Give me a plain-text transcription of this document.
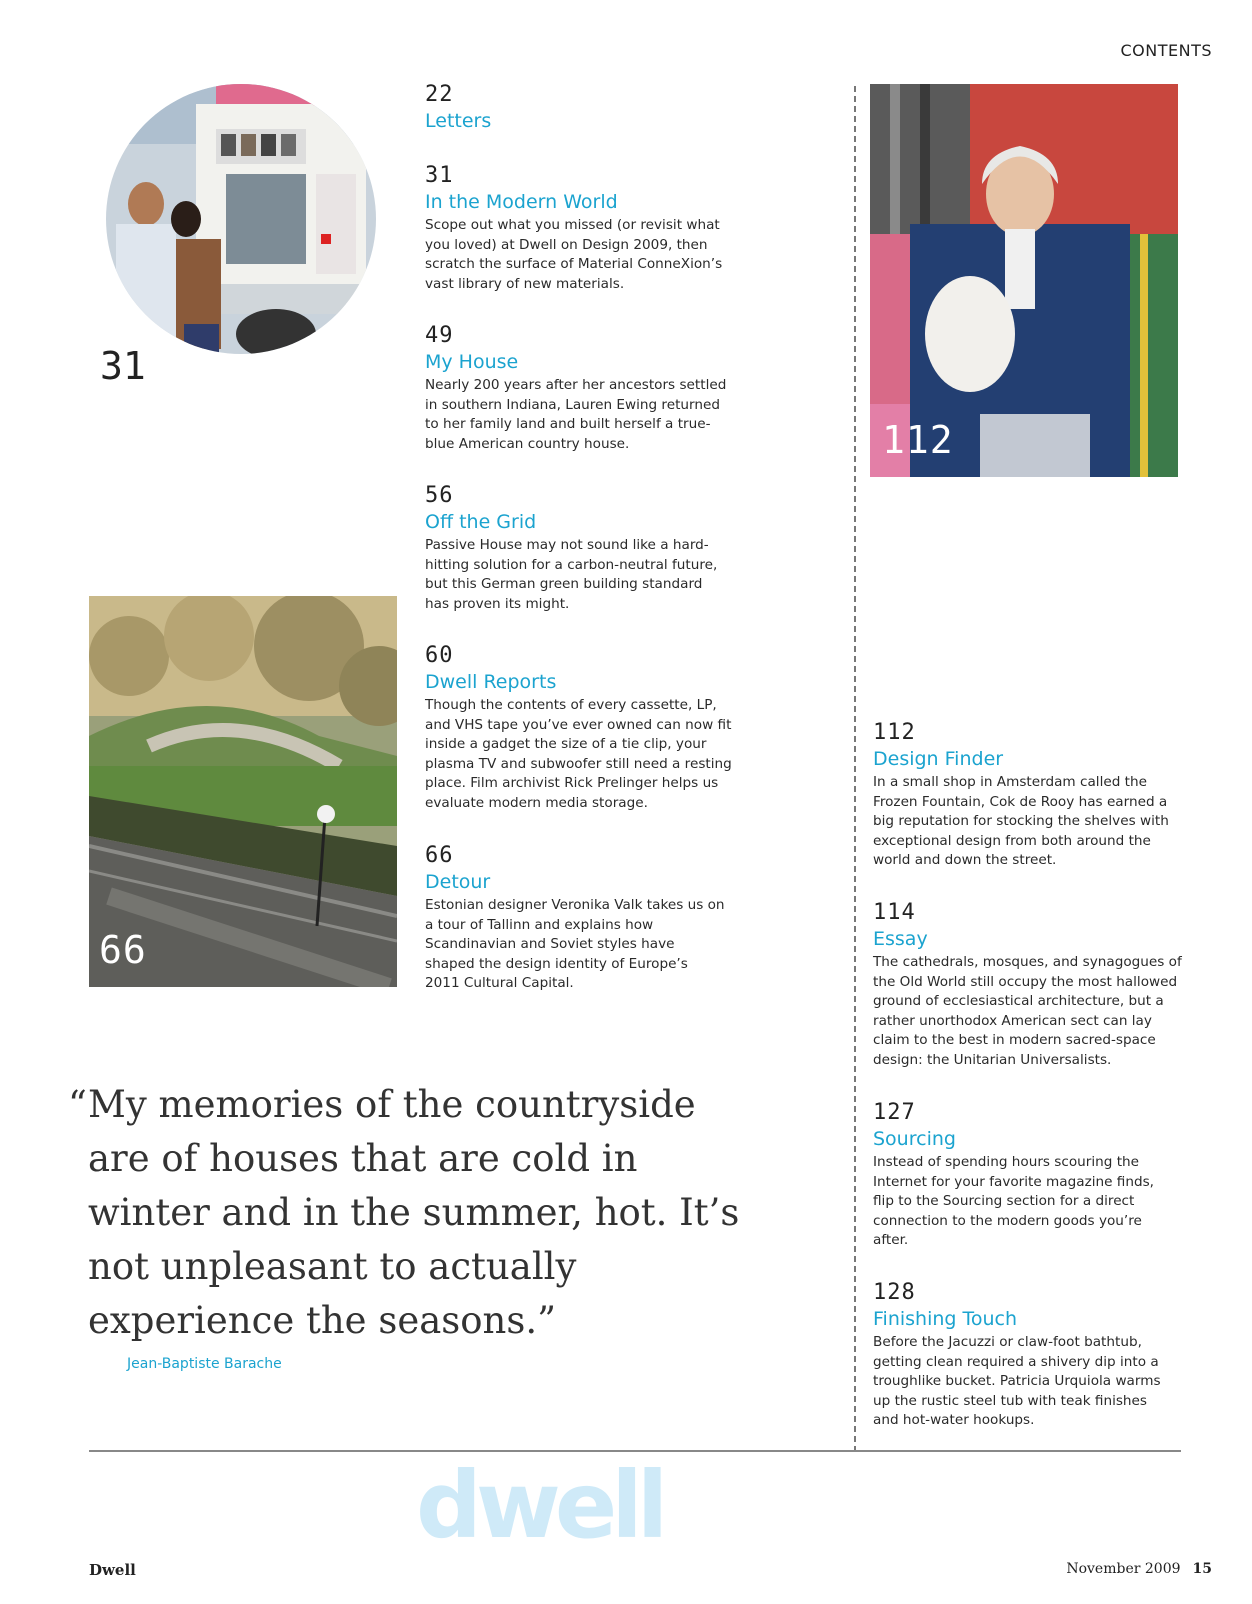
CONTENTS
31
66
112
22
Letters
31
In the Modern World
Scope out what you missed (or revisit what you loved) at Dwell on Design 2009, then scratch the surface of Material ConneXion’s vast library of new materials.
49
My House
Nearly 200 years after her ancestors settled in southern Indiana, Lauren Ewing returned to her family land and built herself a true-blue American country house.
56
Off the Grid
Passive House may not sound like a hard-hitting solution for a carbon-neutral future, but this German green building standard has proven its might.
60
Dwell Reports
Though the contents of every cassette, LP, and VHS tape you’ve ever owned can now fit inside a gadget the size of a tie clip, your plasma TV and subwoofer still need a resting place. Film archivist Rick Prelinger helps us evaluate modern media storage.
66
Detour
Estonian designer Veronika Valk takes us on a tour of Tallinn and explains how Scandinavian and Soviet styles have shaped the design identity of Europe’s 2011 Cultural Capital.
112
Design Finder
In a small shop in Amsterdam called the Frozen Fountain, Cok de Rooy has earned a big reputation for stocking the shelves with exceptional design from both around the world and down the street.
114
Essay
The cathedrals, mosques, and synagogues of the Old World still occupy the most hallowed ground of ecclesiastical architecture, but a rather unorthodox American sect can lay claim to the best in modern sacred-space design: the Unitarian Universalists.
127
Sourcing
Instead of spending hours scouring the Internet for your favorite magazine finds, flip to the Sourcing section for a direct connection to the modern goods you’re after.
128
Finishing Touch
Before the Jacuzzi or claw-foot bathtub, getting clean required a shivery dip into a troughlike bucket. Patricia Urquiola warms up the rustic steel tub with teak finishes and hot-water hookups.
“ My memories of the countryside are of houses that are cold in winter and in the summer, hot. It’s not unpleasant to actually experience the seasons.”
Jean-Baptiste Barache
dwell
Dwell	November 2009 15
